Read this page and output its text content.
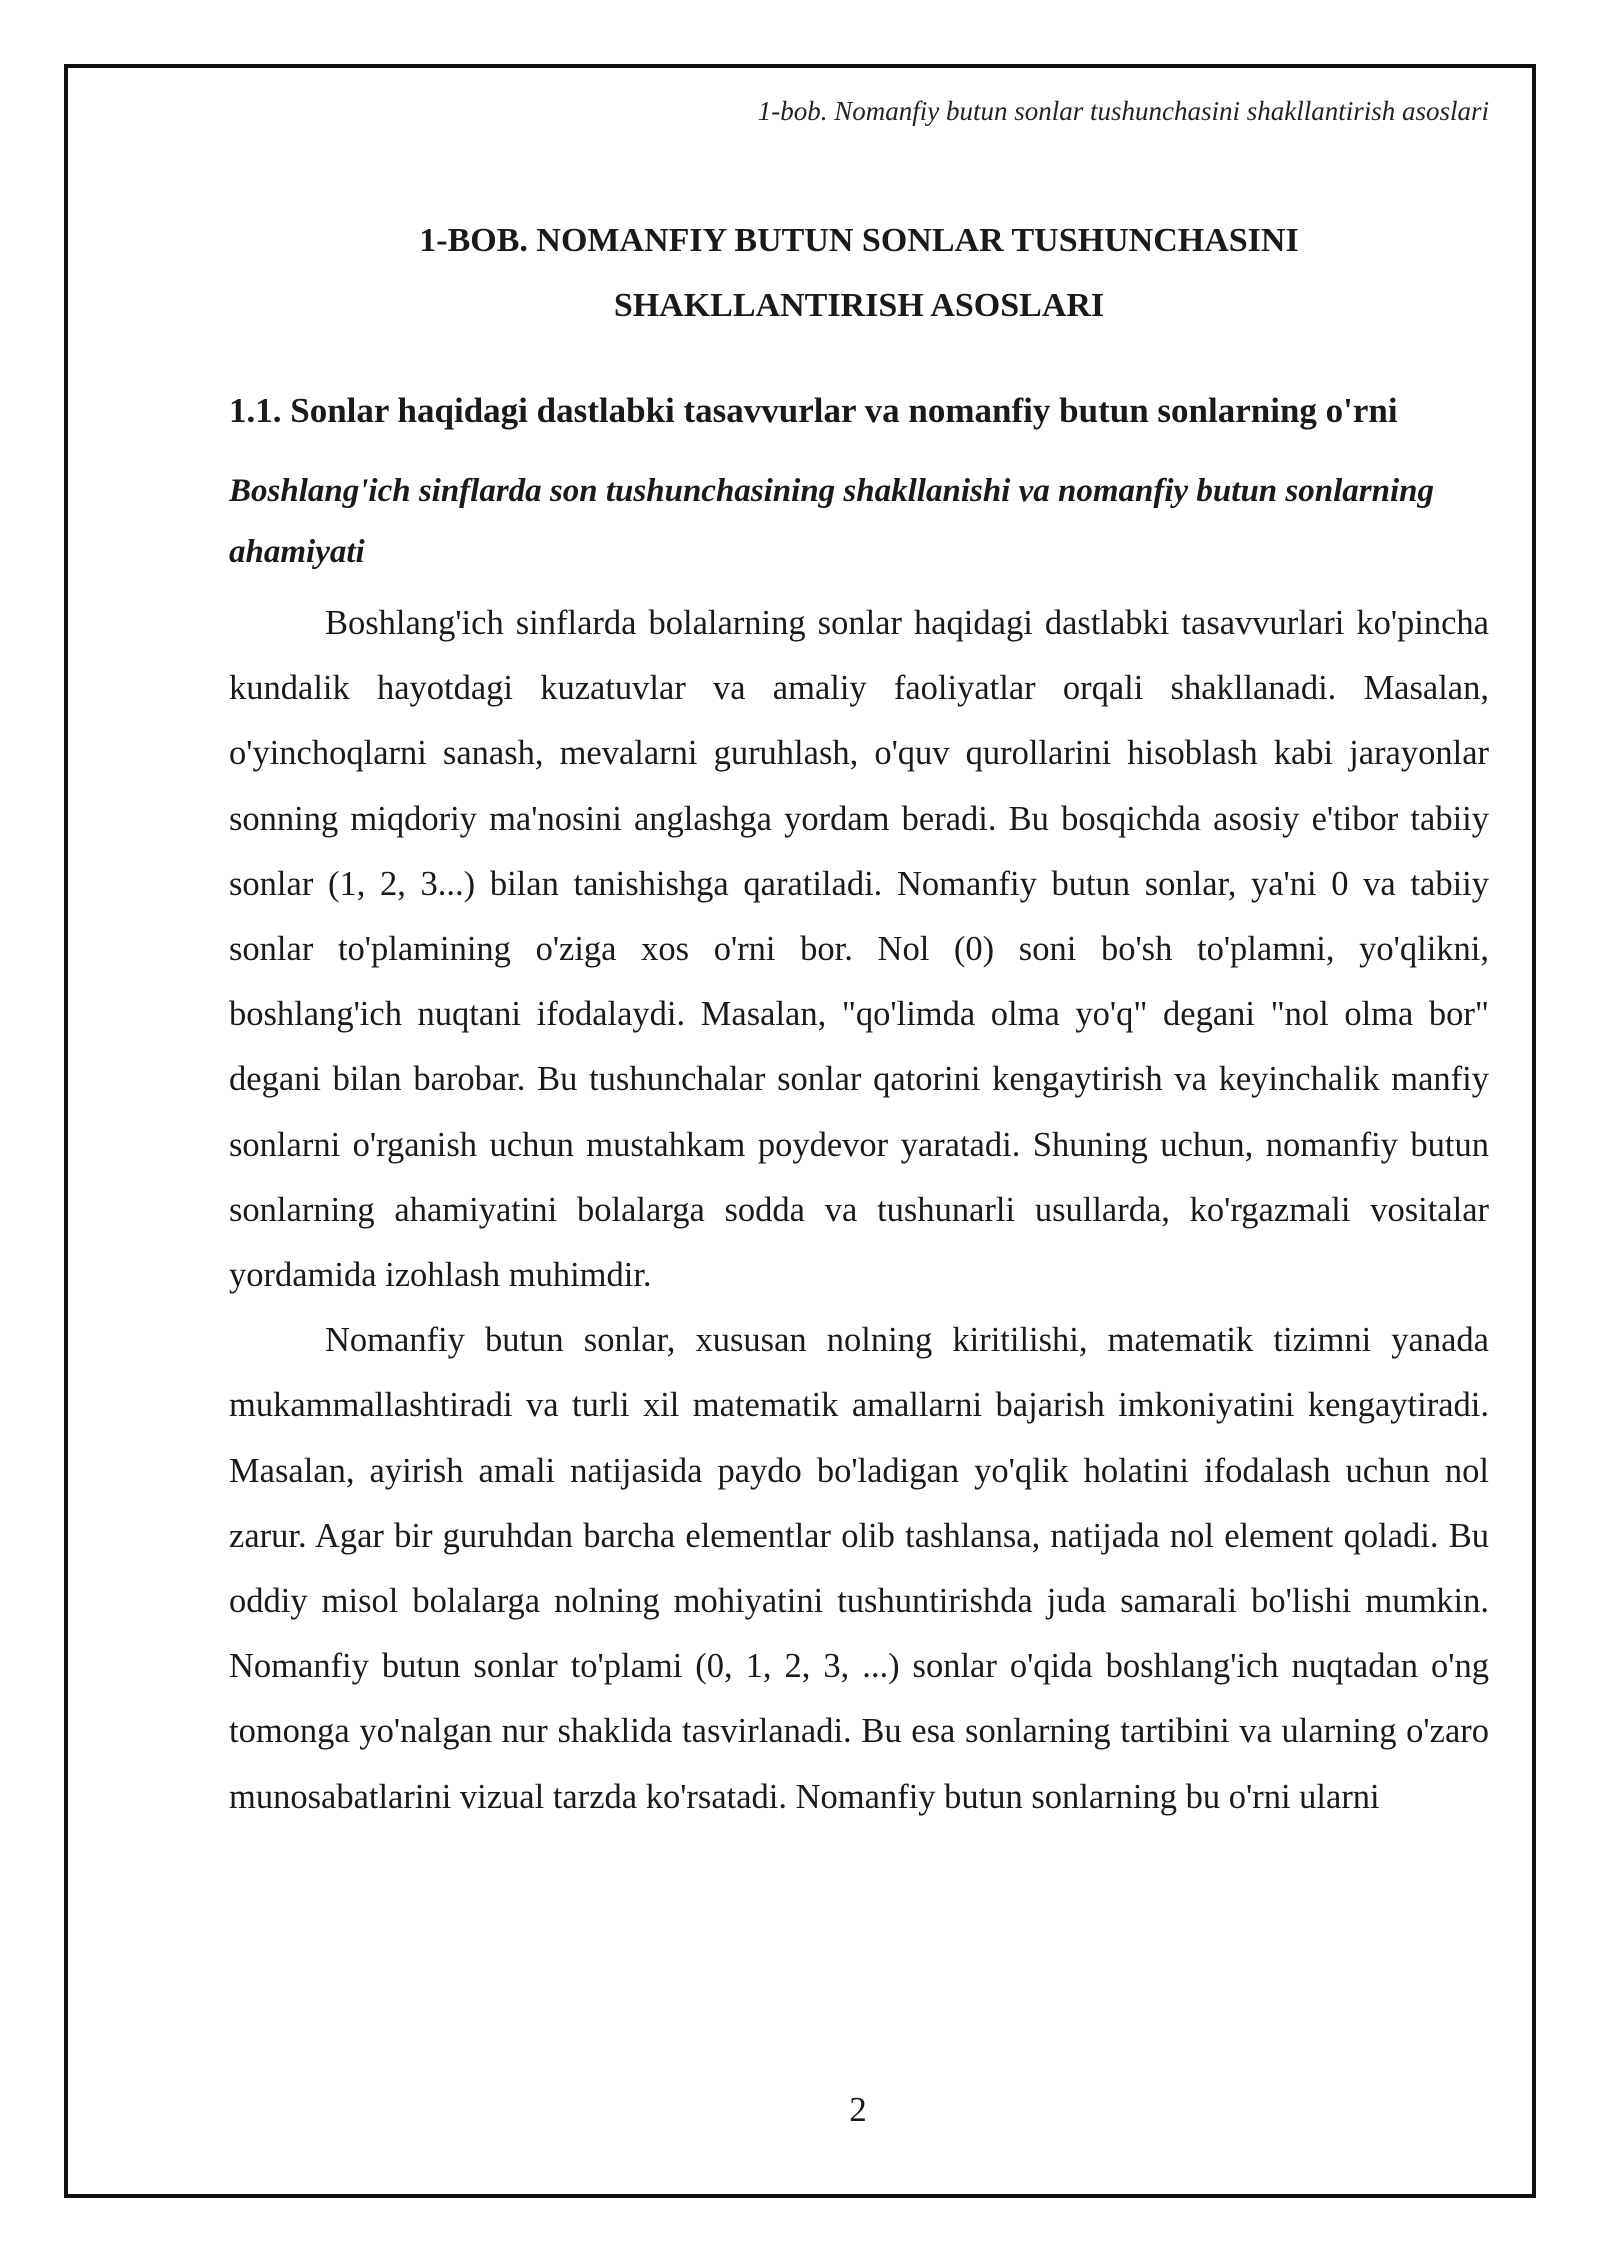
1-bob. Nomanfiy butun sonlar tushunchasini shakllantirish asoslari
1-BOB. NOMANFIY BUTUN SONLAR TUSHUNCHASINI SHAKLLANTIRISH ASOSLARI
1.1. Sonlar haqidagi dastlabki tasavvurlar va nomanfiy butun sonlarning o'rni
Boshlang'ich sinflarda son tushunchasining shakllanishi va nomanfiy butun sonlarning ahamiyati

Boshlang'ich sinflarda bolalarning sonlar haqidagi dastlabki tasavvurlari ko'pincha kundalik hayotdagi kuzatuvlar va amaliy faoliyatlar orqali shakllanadi. Masalan, o'yinchoqlarni sanash, mevalarni guruhlash, o'quv qurollarini hisoblash kabi jarayonlar sonning miqdoriy ma'nosini anglashga yordam beradi. Bu bosqichda asosiy e'tibor tabiiy sonlar (1, 2, 3...) bilan tanishishga qaratiladi. Nomanfiy butun sonlar, ya'ni 0 va tabiiy sonlar to'plamining o'ziga xos o'rni bor. Nol (0) soni bo'sh to'plamni, yo'qlikni, boshlang'ich nuqtani ifodalaydi. Masalan, "qo'limda olma yo'q" degani "nol olma bor" degani bilan barobar. Bu tushunchalar sonlar qatorini kengaytirish va keyinchalik manfiy sonlarni o'rganish uchun mustahkam poydevor yaratadi. Shuning uchun, nomanfiy butun sonlarning ahamiyatini bolalarga sodda va tushunarli usullarda, ko'rgazmali vositalar yordamida izohlash muhimdir.

Nomanfiy butun sonlar, xususan nolning kiritilishi, matematik tizimni yanada mukammallashtiradi va turli xil matematik amallarni bajarish imkoniyatini kengaytiradi. Masalan, ayirish amali natijasida paydo bo'ladigan yo'qlik holatini ifodalash uchun nol zarur. Agar bir guruhdan barcha elementlar olib tashlansa, natijada nol element qoladi. Bu oddiy misol bolalarga nolning mohiyatini tushuntirishda juda samarali bo'lishi mumkin. Nomanfiy butun sonlar to'plami (0, 1, 2, 3, ...) sonlar o'qida boshlang'ich nuqtadan o'ng tomonga yo'nalgan nur shaklida tasvirlanadi. Bu esa sonlarning tartibini va ularning o'zaro munosabatlarini vizual tarzda ko'rsatadi. Nomanfiy butun sonlarning bu o'rni ularni

2
